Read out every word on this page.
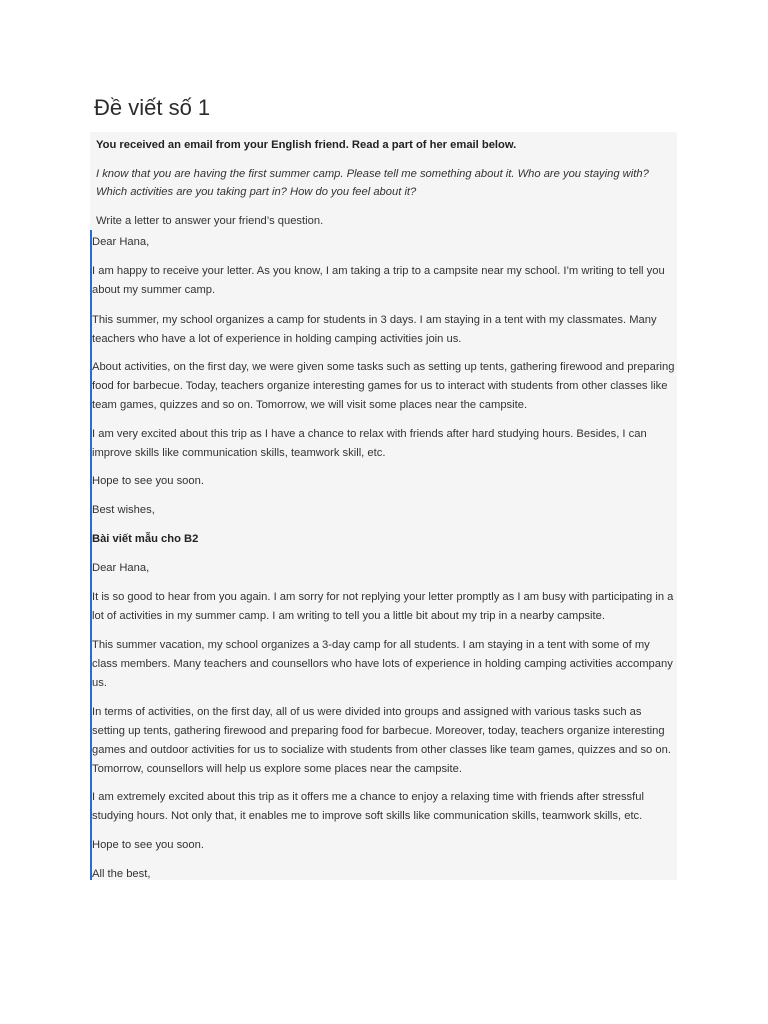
Đề viết số 1

You received an email from your English friend. Read a part of her email below.

I know that you are having the first summer camp. Please tell me something about it. Who are you staying with? Which activities are you taking part in? How do you feel about it?

Write a letter to answer your friend’s question.

Dear Hana,

I am happy to receive your letter. As you know, I am taking a trip to a campsite near my school. I’m writing to tell you about my summer camp.

This summer, my school organizes a camp for students in 3 days. I am staying in a tent with my classmates. Many teachers who have a lot of experience in holding camping activities join us.

About activities, on the first day, we were given some tasks such as setting up tents, gathering firewood and preparing food for barbecue. Today, teachers organize interesting games for us to interact with students from other classes like team games, quizzes and so on. Tomorrow, we will visit some places near the campsite.

I am very excited about this trip as I have a chance to relax with friends after hard studying hours. Besides, I can improve skills like communication skills, teamwork skill, etc.

Hope to see you soon.

Best wishes,

Bài viết mẫu cho B2

Dear Hana,

It is so good to hear from you again. I am sorry for not replying your letter promptly as I am busy with participating in a lot of activities in my summer camp. I am writing to tell you a little bit about my trip in a nearby campsite.

This summer vacation, my school organizes a 3-day camp for all students. I am staying in a tent with some of my class members. Many teachers and counsellors who have lots of experience in holding camping activities accompany us.

In terms of activities, on the first day, all of us were divided into groups and assigned with various tasks such as setting up tents, gathering firewood and preparing food for barbecue. Moreover, today, teachers organize interesting games and outdoor activities for us to socialize with students from other classes like team games, quizzes and so on. Tomorrow, counsellors will help us explore some places near the campsite.

I am extremely excited about this trip as it offers me a chance to enjoy a relaxing time with friends after stressful studying hours. Not only that, it enables me to improve soft skills like communication skills, teamwork skills, etc.

Hope to see you soon.

All the best,
